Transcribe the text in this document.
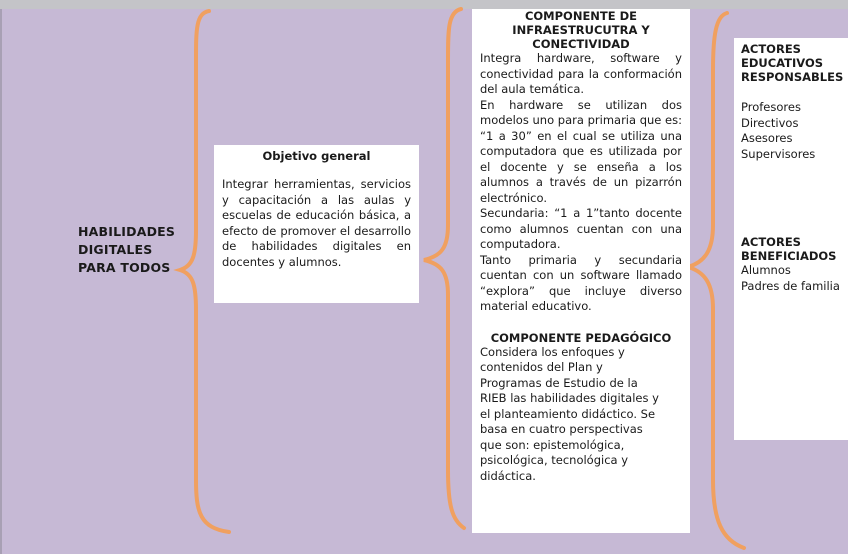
HABILIDADES DIGITALES PARA TODOS
Objetivo general

Integrar herramientas, servicios y capacitación a las aulas y escuelas de educación básica, a efecto de promover el desarrollo de habilidades digitales en docentes y alumnos.

COMPONENTE DE INFRAESTRUCUTRA Y CONECTIVIDAD

Integra hardware, software y conectividad para la conformación del aula temática.

En hardware se utilizan dos modelos uno para primaria que es: “1 a 30” en el cual se utiliza una computadora que es utilizada por el docente y se enseña a los alumnos a través de un pizarrón electrónico.

Secundaria: “1 a 1”tanto docente como alumnos cuentan con una computadora.

Tanto primaria y secundaria cuentan con un software llamado “explora” que incluye diverso material educativo.

COMPONENTE PEDAGÓGICO

Considera los enfoques y contenidos del Plan y Programas de Estudio de la RIEB las habilidades digitales y el planteamiento didáctico. Se basa en cuatro perspectivas que son: epistemológica, psicológica, tecnológica y didáctica.

ACTORES EDUCATIVOS RESPONSABLES
Profesores
Directivos
Asesores
Supervisores
ACTORES BENEFICIADOS
Alumnos
Padres de familia
